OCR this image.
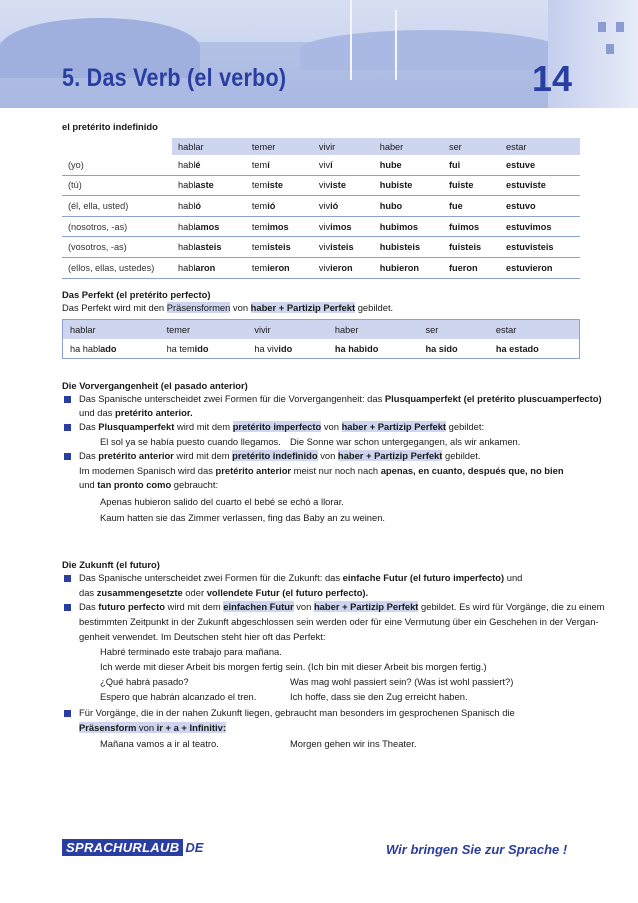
5. Das Verb (el verbo)	14
el pretérito indefinido
	hablar	temer	vivir	haber	ser	estar
(yo)	hablé	temí	viví	hube	fui	estuve
(tú)	hablaste	temiste	viviste	hubiste	fuiste	estuviste
(él, ella, usted)	habló	temió	vivió	hubo	fue	estuvo
(nosotros, -as)	hablamos	temimos	vivimos	hubimos	fuimos	estuvimos
(vosotros, -as)	hablasteis	temisteis	vivisteis	hubisteis	fuisteis	estuvisteis
(ellos, ellas, ustedes)	hablaron	temieron	vivieron	hubieron	fueron	estuvieron
Das Perfekt (el pretérito perfecto)
Das Perfekt wird mit den Präsensformen von haber + Partizip Perfekt gebildet.
hablar	temer	vivir	haber	ser	estar
ha hablado	ha temido	ha vivido	ha habido	ha sido	ha estado
Die Vorvergangenheit (el pasado anterior)
Das Spanische unterscheidet zwei Formen für die Vorvergangenheit: das Plusquamperfekt (el pretérito pluscuamperfecto)
und das pretérito anterior.
Das Plusquamperfekt wird mit dem pretérito imperfecto von haber + Partizip Perfekt gebildet:
El sol ya se había puesto cuando llegamos. Die Sonne war schon untergegangen, als wir ankamen.
Das pretérito anterior wird mit dem pretérito indefinido von haber + Partizip Perfekt gebildet.
Im modernen Spanisch wird das pretérito anterior meist nur noch nach apenas, en cuanto, después que, no bien
und tan pronto como gebraucht:
Apenas hubieron salido del cuarto el bebé se echó a llorar.
Kaum hatten sie das Zimmer verlassen, fing das Baby an zu weinen.
Die Zukunft (el futuro)
Das Spanische unterscheidet zwei Formen für die Zukunft: das einfache Futur (el futuro imperfecto) und
das zusammengesetzte oder vollendete Futur (el futuro perfecto).
Das futuro perfecto wird mit dem einfachen Futur von haber + Partizip Perfekt gebildet. Es wird für Vorgänge, die zu einem
bestimmten Zeitpunkt in der Zukunft abgeschlossen sein werden oder für eine Vermutung über ein Geschehen in der Vergan-
genheit verwendet. Im Deutschen steht hier oft das Perfekt:
Habré terminado este trabajo para mañana.
Ich werde mit dieser Arbeit bis morgen fertig sein. (Ich bin mit dieser Arbeit bis morgen fertig.)
¿Qué habrá pasado?	Was mag wohl passiert sein? (Was ist wohl passiert?)
Espero que habrán alcanzado el tren.	Ich hoffe, dass sie den Zug erreicht haben.
Für Vorgänge, die in der nahen Zukunft liegen, gebraucht man besonders im gesprochenen Spanisch die
Präsensform von ir + a + Infinitiv:
Mañana vamos a ir al teatro.	Morgen gehen wir ins Theater.
SPRACHURLAUB DE	Wir bringen Sie zur Sprache !
